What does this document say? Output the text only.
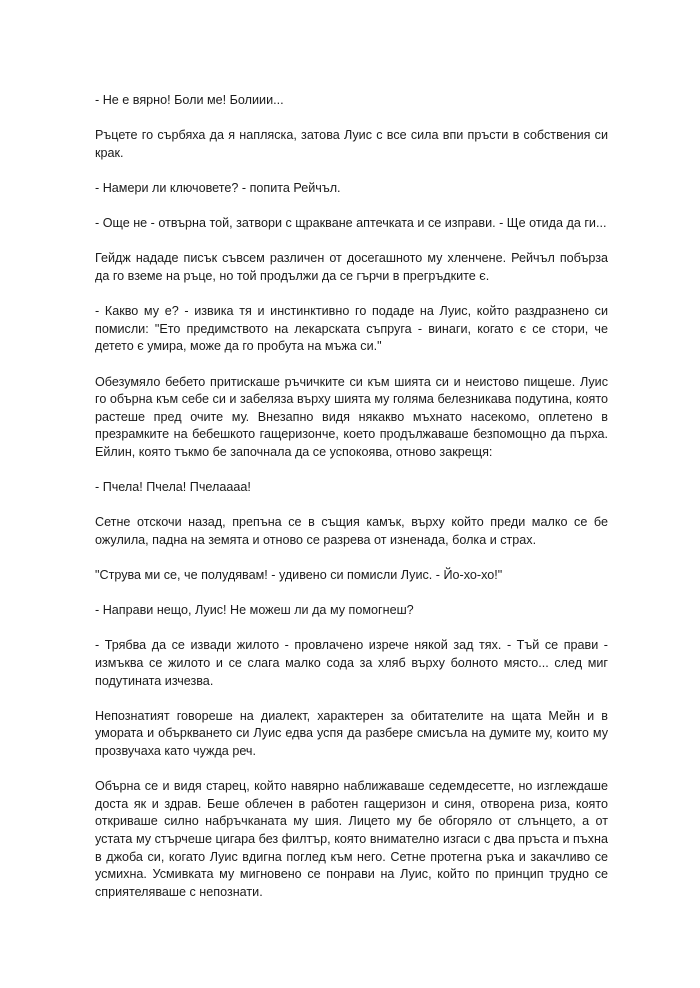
- Не е вярно! Боли ме! Болиии...

Ръцете го сърбяха да я напляска, затова Луис с все сила впи пръсти в собствения си крак.

- Намери ли ключовете? - попита Рейчъл.

- Още не - отвърна той, затвори с щракване аптечката и се изправи. - Ще отида да ги...

Гейдж нададе писък съвсем различен от досегашното му хленчене. Рейчъл побърза да го вземе на ръце, но той продължи да се гърчи в прегръдките є.

- Какво му е? - извика тя и инстинктивно го подаде на Луис, който раздразнено си помисли: "Ето предимството на лекарската съпруга - винаги, когато є се стори, че детето є умира, може да го пробута на мъжа си."

Обезумяло бебето притискаше ръчичките си към шията си и неистово пищеше. Луис го обърна към себе си и забеляза върху шията му голяма белезникава подутина, която растеше пред очите му. Внезапно видя някакво мъхнато насекомо, оплетено в презрамките на бебешкото гащеризонче, което продължаваше безпомощно да пърха. Ейлин, която тъкмо бе започнала да се успокоява, отново закрещя:

- Пчела! Пчела! Пчелаааа!

Сетне отскочи назад, препъна се в същия камък, върху който преди малко се бе ожулила, падна на земята и отново се разрева от изненада, болка и страх.

"Струва ми се, че полудявам! - удивено си помисли Луис. - Йо-хо-хо!"

- Направи нещо, Луис! Не можеш ли да му помогнеш?

- Трябва да се извади жилото - провлачено изрече някой зад тях. - Тъй се прави - измъква се жилото и се слага малко сода за хляб върху болното място... след миг подутината изчезва.

Непознатият говореше на диалект, характерен за обитателите на щата Мейн и в умората и объркването си Луис едва успя да разбере смисъла на думите му, които му прозвучаха като чужда реч.

Обърна се и видя старец, който навярно наближаваше седемдесетте, но изглеждаше доста як и здрав. Беше облечен в работен гащеризон и синя, отворена риза, която откриваше силно набръчканата му шия. Лицето му бе обгоряло от слънцето, а от устата му стърчеше цигара без филтър, която внимателно изгаси с два пръста и пъхна в джоба си, когато Луис вдигна поглед към него. Сетне протегна ръка и закачливо се усмихна. Усмивката му мигновено се понрави на Луис, който по принцип трудно се сприятеляваше с непознати.
